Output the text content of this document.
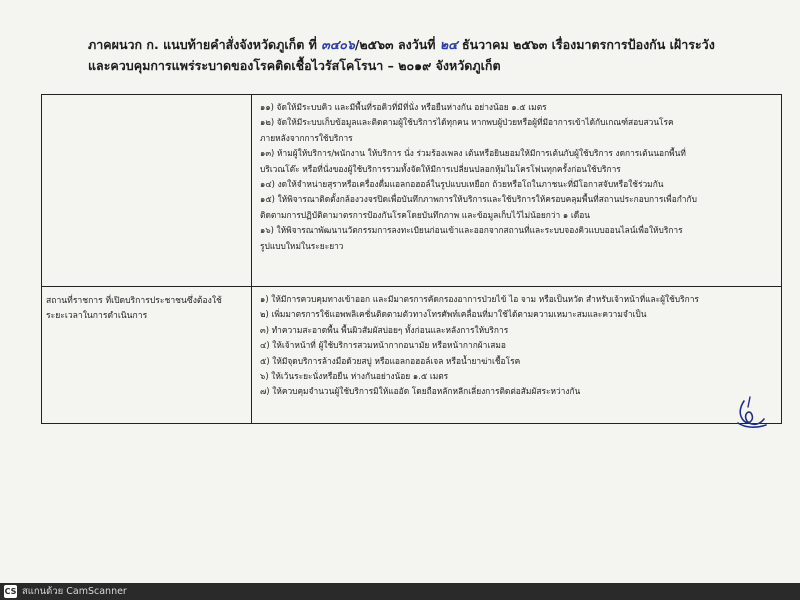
ภาคผนวก ก. แนบท้ายคำสั่งจังหวัดภูเก็ต ที่ ๓๔๐๖/๒๕๖๓ ลงวันที่ ๒๔ ธันวาคม ๒๕๖๓ เรื่องมาตรการป้องกัน เฝ้าระวัง
และควบคุมการแพร่ระบาดของโรคติดเชื้อไวรัสโคโรนา – ๒๐๑๙ จังหวัดภูเก็ต
๑๑) จัดให้มีระบบคิว และมีพื้นที่รอคิวที่มีที่นั่ง หรือยืนห่างกัน อย่างน้อย ๑.๕ เมตร
๑๒) จัดให้มีระบบเก็บข้อมูลและติดตามผู้ใช้บริการได้ทุกคน หากพบผู้ป่วยหรือผู้ที่มีอาการเข้าได้กับเกณฑ์สอบสวนโรค
ภายหลังจากการใช้บริการ
๑๓) ห้ามผู้ให้บริการ/พนักงาน ให้บริการ นั่ง ร่วมร้องเพลง เต้นหรือยินยอมให้มีการเต้นกับผู้ใช้บริการ งดการเต้นนอกพื้นที่
บริเวณโต๊ะ หรือที่นั่งของผู้ใช้บริการรวมทั้งจัดให้มีการเปลี่ยนปลอกหุ้มไมโครโฟนทุกครั้งก่อนใช้บริการ
๑๔) งดให้จำหน่ายสุราหรือเครื่องดื่มแอลกอฮอล์ในรูปแบบเหยือก ถ้วยหรือโถในภาชนะที่มีโอกาสจับหรือใช้ร่วมกัน
๑๕) ให้พิจารณาติดตั้งกล้องวงจรปิดเพื่อบันทึกภาพการให้บริการและใช้บริการให้ครอบคลุมพื้นที่สถานประกอบการเพื่อกำกับ
ติดตามการปฏิบัติตามาตรการป้องกันโรคโดยบันทึกภาพ และข้อมูลเก็บไว้ไม่น้อยกว่า ๑ เดือน
๑๖) ให้พิจารณาพัฒนานวัตกรรมการลงทะเบียนก่อนเข้าและออกจากสถานที่และระบบจองคิวแบบออนไลน์เพื่อให้บริการ
รูปแบบใหม่ในระยะยาว
สถานที่ราชการ ที่เปิดบริการประชาชนซึ่งต้องใช้
ระยะเวลาในการดำเนินการ
๑) ให้มีการควบคุมทางเข้าออก และมีมาตรการคัดกรองอาการป่วยไข้ ไอ จาม หรือเป็นหวัด สำหรับเจ้าหน้าที่และผู้ใช้บริการ
๒) เพิ่มมาตรการใช้แอพพลิเคชั่นติดตามตัวทางโทรศัพท์เคลื่อนที่มาใช้ได้ตามความเหมาะสมและความจำเป็น
๓) ทำความสะอาดพื้น พื้นผิวสัมผัสบ่อยๆ ทั้งก่อนและหลังการให้บริการ
๔) ให้เจ้าหน้าที่ ผู้ใช้บริการสวมหน้ากากอนามัย หรือหน้ากากผ้าเสมอ
๕) ให้มีจุดบริการล้างมือด้วยสบู่ หรือแอลกอฮอล์เจล หรือน้ำยาฆ่าเชื้อโรค
๖) ให้เว้นระยะนั่งหรือยืน ห่างกันอย่างน้อย ๑.๕ เมตร
๗) ให้ควบคุมจำนวนผู้ใช้บริการมิให้แออัด โดยถือหลักหลีกเลี่ยงการติดต่อสัมผัสระหว่างกัน
CS สแกนด้วย CamScanner
